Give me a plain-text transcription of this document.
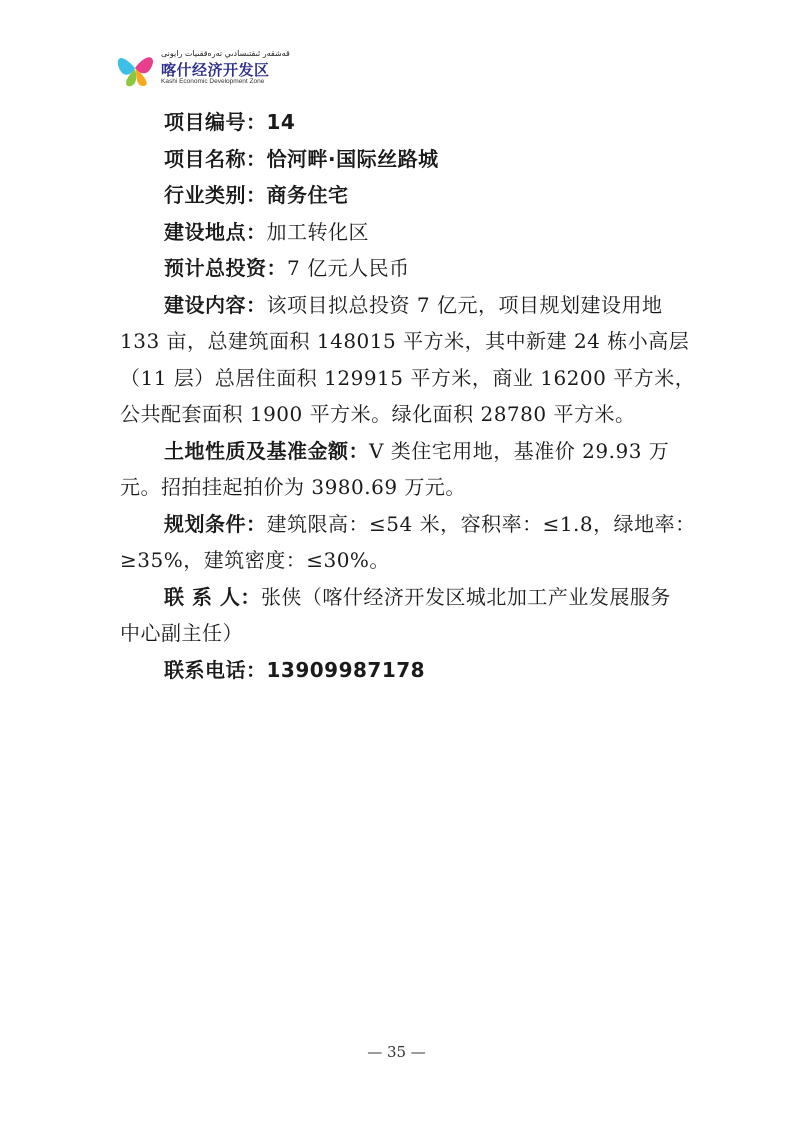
قەشقەر ئىقتىسادىي تەرەققىيات رايونى
喀什经济开发区
Kashi Economic Development Zone
项目编号：14
项目名称：恰河畔·国际丝路城
行业类别：商务住宅
建设地点：加工转化区
预计总投资：7 亿元人民币
建设内容：该项目拟总投资 7 亿元，项目规划建设用地
133 亩，总建筑面积 148015 平方米，其中新建 24 栋小高层
（11 层）总居住面积 129915 平方米，商业 16200 平方米，
公共配套面积 1900 平方米。绿化面积 28780 平方米。
土地性质及基准金额：V 类住宅用地，基准价 29.93 万
元。招拍挂起拍价为 3980.69 万元。
规划条件：建筑限高：≤54 米，容积率：≤1.8，绿地率：
≥35%，建筑密度：≤30%。
联 系 人：张侠（喀什经济开发区城北加工产业发展服务
中心副主任）
联系电话：13909987178
— 35 —
